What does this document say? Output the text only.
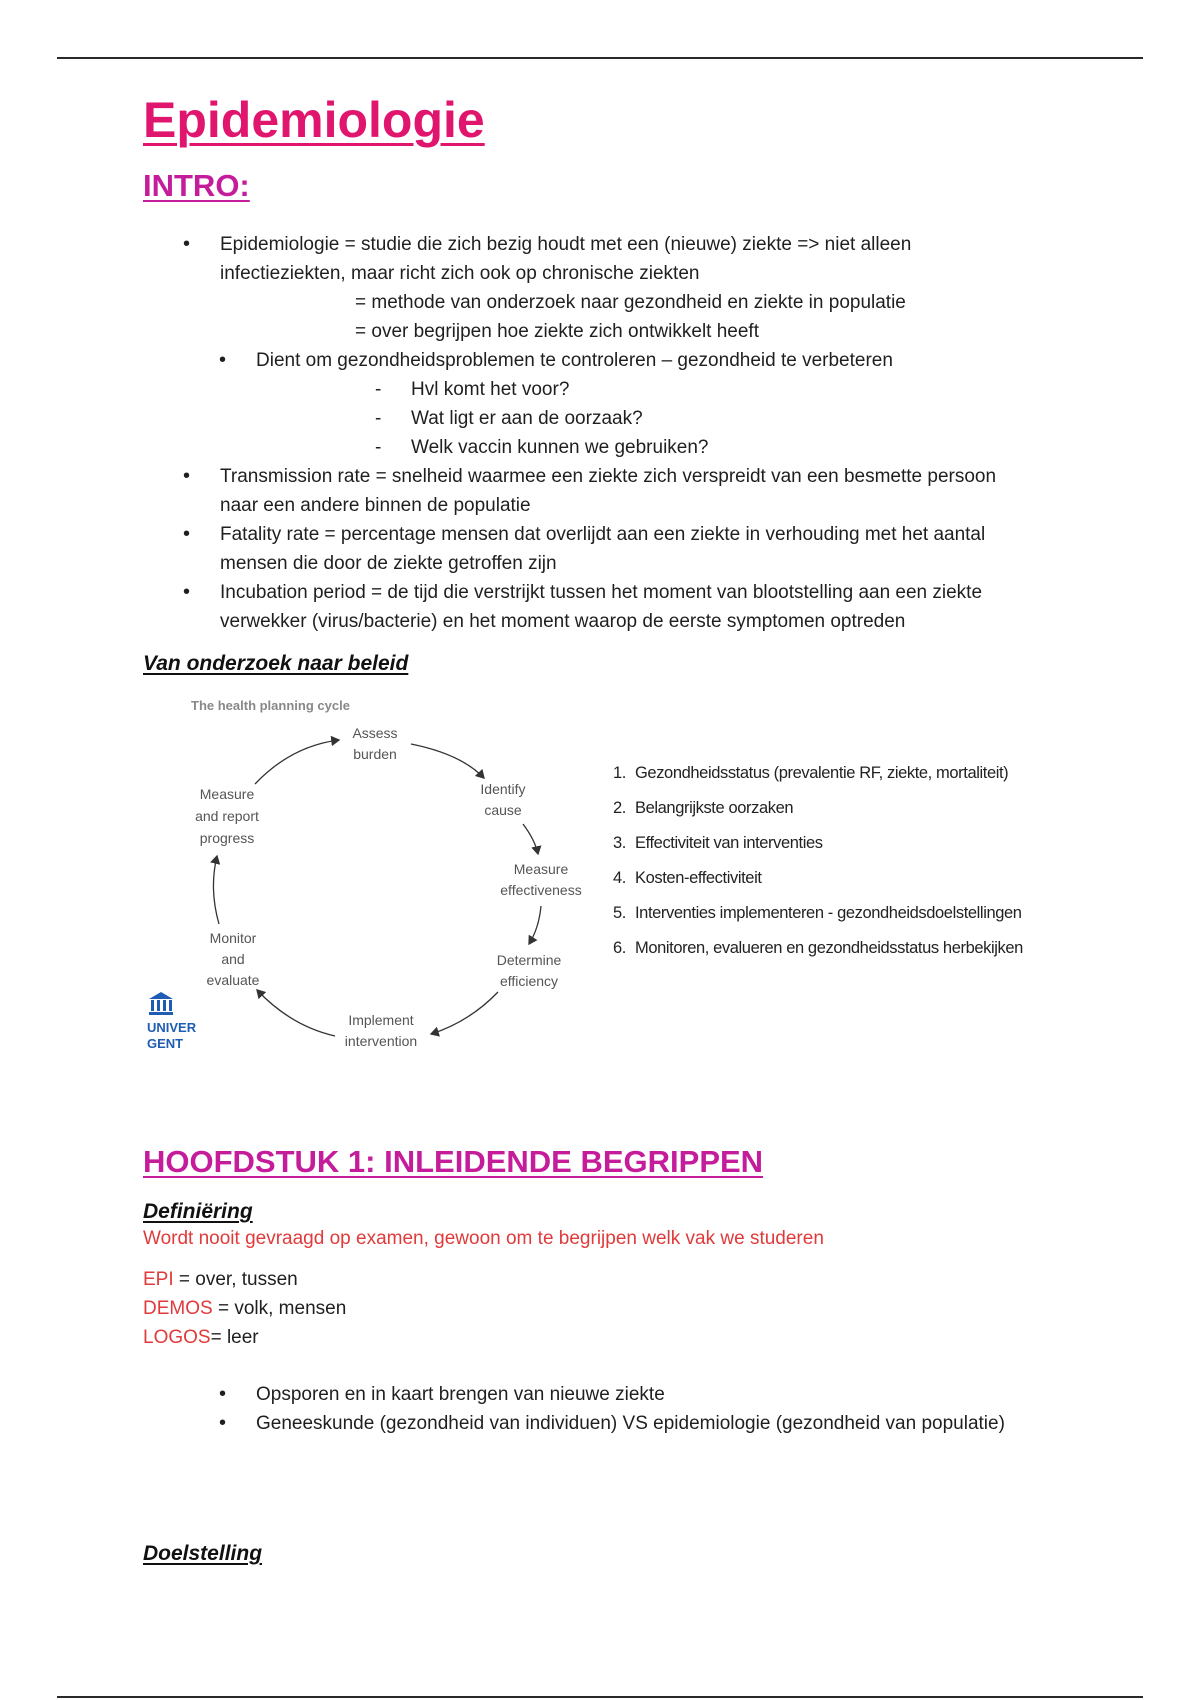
Epidemiologie
INTRO:
• Epidemiologie = studie die zich bezig houdt met een (nieuwe) ziekte => niet alleen
infectieziekten, maar richt zich ook op chronische ziekten
= methode van onderzoek naar gezondheid en ziekte in populatie
= over begrijpen hoe ziekte zich ontwikkelt heeft
• Dient om gezondheidsproblemen te controleren – gezondheid te verbeteren
- Hvl komt het voor?
- Wat ligt er aan de oorzaak?
- Welk vaccin kunnen we gebruiken?
• Transmission rate = snelheid waarmee een ziekte zich verspreidt van een besmette persoon
naar een andere binnen de populatie
• Fatality rate = percentage mensen dat overlijdt aan een ziekte in verhouding met het aantal
mensen die door de ziekte getroffen zijn
• Incubation period = de tijd die verstrijkt tussen het moment van blootstelling aan een ziekte
verwekker (virus/bacterie) en het moment waarop de eerste symptomen optreden
Van onderzoek naar beleid
The health planning cycle
Assess
burden
Identify
cause
Measure
effectiveness
Determine
efficiency
Implement
intervention
Monitor
and
evaluate
Measure
and report
progress
UNIVER
GENT
1. Gezondheidsstatus (prevalentie RF, ziekte, mortaliteit)
2. Belangrijkste oorzaken
3. Effectiviteit van interventies
4. Kosten-effectiviteit
5. Interventies implementeren - gezondheidsdoelstellingen
6. Monitoren, evalueren en gezondheidsstatus herbekijken
HOOFDSTUK 1: INLEIDENDE BEGRIPPEN
Definiëring
Wordt nooit gevraagd op examen, gewoon om te begrijpen welk vak we studeren
EPI = over, tussen
DEMOS = volk, mensen
LOGOS= leer
• Opsporen en in kaart brengen van nieuwe ziekte
• Geneeskunde (gezondheid van individuen) VS epidemiologie (gezondheid van populatie)
Doelstelling
